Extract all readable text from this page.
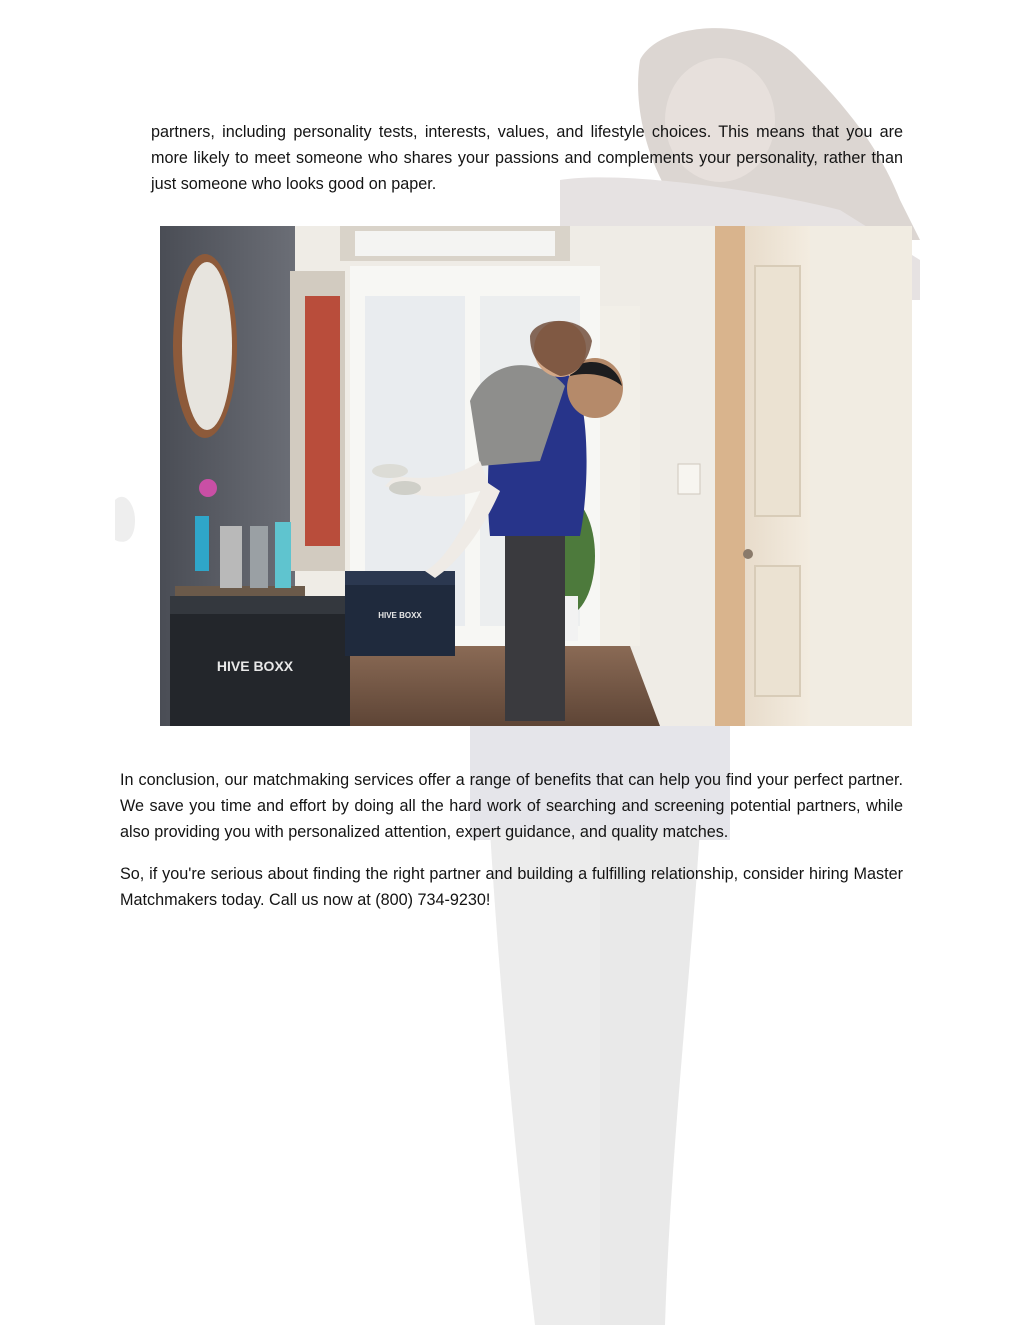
partners, including personality tests, interests, values, and lifestyle choices. This means that you are more likely to meet someone who shares your passions and complements your personality, rather than just someone who looks good on paper.

HIVE BOXX
HIVE BOXX

In conclusion, our matchmaking services offer a range of benefits that can help you find your perfect partner. We save you time and effort by doing all the hard work of searching and screening potential partners, while also providing you with personalized attention, expert guidance, and quality matches.

So, if you're serious about finding the right partner and building a fulfilling relationship, consider hiring Master Matchmakers today. Call us now at (800) 734-9230!
